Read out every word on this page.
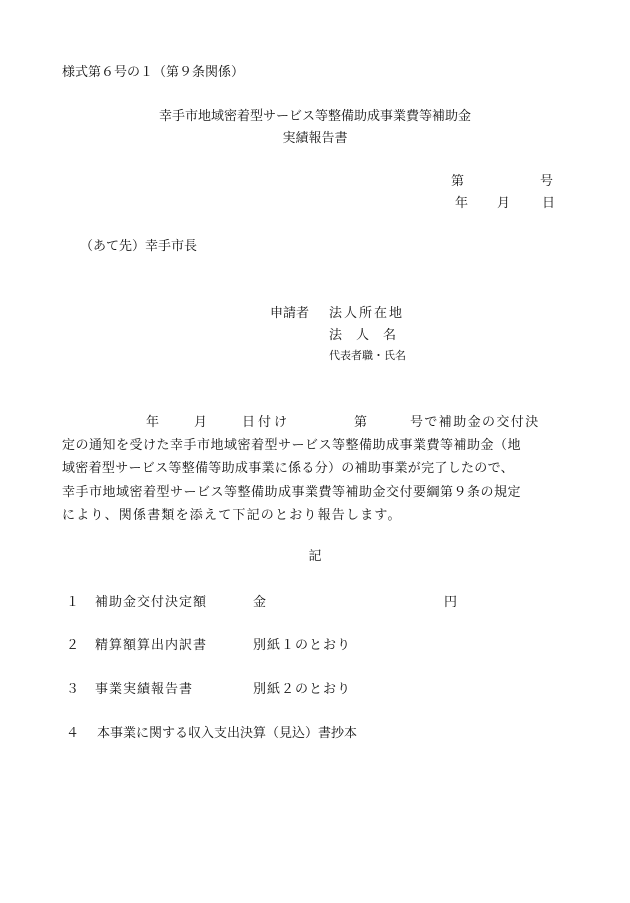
様式第６号の１（第９条関係）
幸手市地域密着型サービス等整備助成事業費等補助金
実績報告書
第	号
年 月 日
（あて先）幸手市長
申請者 法人所在地
法人名
代表者職・氏名
年	月	日付け	第	号で補助金の交付決
定の通知を受けた幸手市地域密着型サービス等整備助成事業費等補助金（地
域密着型サービス等整備等助成事業に係る分）の補助事業が完了したので、
幸手市地域密着型サービス等整備助成事業費等補助金交付要綱第９条の規定
により、関係書類を添えて下記のとおり報告します。
記
１ 補助金交付決定額	金	円
２ 精算額算出内訳書	別紙１のとおり
３ 事業実績報告書	別紙２のとおり
４ 本事業に関する収入支出決算（見込）書抄本
